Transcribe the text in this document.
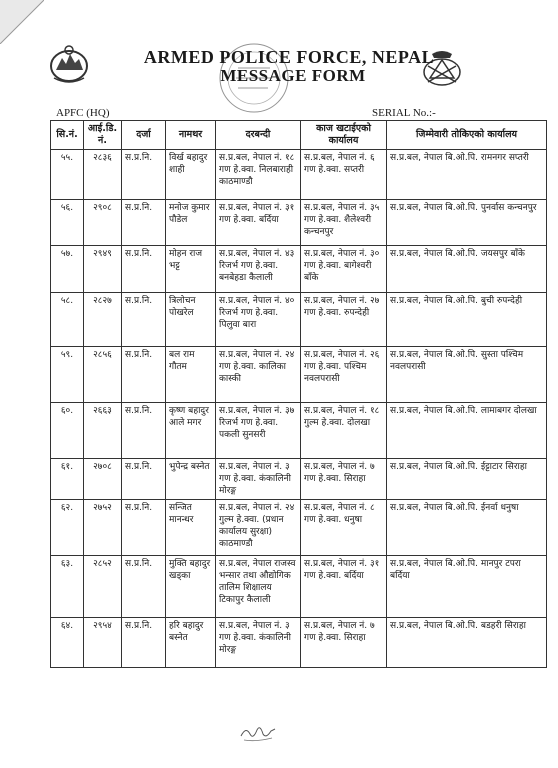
ARMED POLICE FORCE, NEPAL
MESSAGE FORM
APFC (HQ)	SERIAL No.:-
सि.नं.	आई.डि. नं.	दर्जा	नामथर	दरबन्दी	काज खटाईएको कार्यालय	जिम्मेवारी तोकिएको कार्यालय
५५.	२८३६	स.प्र.नि.	विर्ख बहादुर शाही	स.प्र.बल, नेपाल नं. १८ गण हे.क्वा. निलबाराही काठमाण्डौ	स.प्र.बल, नेपाल नं. ६ गण हे.क्वा. सप्तरी	स.प्र.बल, नेपाल बि.ओ.पि. रामनगर सप्तरी
५६.	२९०८	स.प्र.नि.	मनोज कुमार पौडेल	स.प्र.बल, नेपाल नं. ३१ गण हे.क्वा. बर्दिया	स.प्र.बल, नेपाल नं. ३५ गण हे.क्वा. शैलेश्वरी कन्चनपुर	स.प्र.बल, नेपाल बि.ओ.पि. पुनर्वास कन्चनपुर
५७.	२९४९	स.प्र.नि.	मोहन राज भट्ट	स.प्र.बल, नेपाल नं. ४३ रिजर्भ गण हे.क्वा. बनबेहडा कैलाली	स.प्र.बल, नेपाल नं. ३० गण हे.क्वा. बागेश्वरी बाँके	स.प्र.बल, नेपाल बि.ओ.पि. जयसपुर बाँके
५८.	२८२७	स.प्र.नि.	त्रिलोचन पोखरेल	स.प्र.बल, नेपाल नं. ४० रिजर्भ गण हे.क्वा. पिलुवा बारा	स.प्र.बल, नेपाल नं. २७ गण हे.क्वा. रुपन्देही	स.प्र.बल, नेपाल बि.ओ.पि. बुची रुपन्देही
५९.	२८५६	स.प्र.नि.	बल राम गौतम	स.प्र.बल, नेपाल नं. २४ गण हे.क्वा. कालिका कास्की	स.प्र.बल, नेपाल नं. २६ गण हे.क्वा. पश्चिम नवलपरासी	स.प्र.बल, नेपाल बि.ओ.पि. सुस्ता पश्चिम नवलपरासी
६०.	२६६३	स.प्र.नि.	कृष्ण बहादुर आले मगर	स.प्र.बल, नेपाल नं. ३७ रिजर्भ गण हे.क्वा. पकली सुनसरी	स.प्र.बल, नेपाल नं. १८ गुल्म हे.क्वा. दोलखा	स.प्र.बल, नेपाल बि.ओ.पि. लामाबगर दोलखा
६१.	२७०८	स.प्र.नि.	भुपेन्द्र बस्नेत	स.प्र.बल, नेपाल नं. ३ गण हे.क्वा. कंकालिनी मोरङ्ग	स.प्र.बल, नेपाल नं. ७ गण हे.क्वा. सिराहा	स.प्र.बल, नेपाल बि.ओ.पि. ईट्टाटार सिराहा
६२.	२७५२	स.प्र.नि.	सन्जित मानन्धर	स.प्र.बल, नेपाल नं. २४ गुल्म हे.क्वा. (प्रधान कार्यालय सुरक्षा) काठमाण्डौ	स.प्र.बल, नेपाल नं. ८ गण हे.क्वा. धनुषा	स.प्र.बल, नेपाल बि.ओ.पि. ईनर्वा धनुषा
६३.	२८५२	स.प्र.नि.	मुक्ति बहादुर खड्का	स.प्र.बल, नेपाल राजस्व भन्सार तथा औद्योगिक तालिम शिक्षालय टिकापुर कैलाली	स.प्र.बल, नेपाल नं. ३१ गण हे.क्वा. बर्दिया	स.प्र.बल, नेपाल बि.ओ.पि. मानपुर टपरा बर्दिया
६४.	२९५४	स.प्र.नि.	हरि बहादुर बस्नेत	स.प्र.बल, नेपाल नं. ३ गण हे.क्वा. कंकालिनी मोरङ्ग	स.प्र.बल, नेपाल नं. ७ गण हे.क्वा. सिराहा	स.प्र.बल, नेपाल बि.ओ.पि. बडहरी सिराहा
